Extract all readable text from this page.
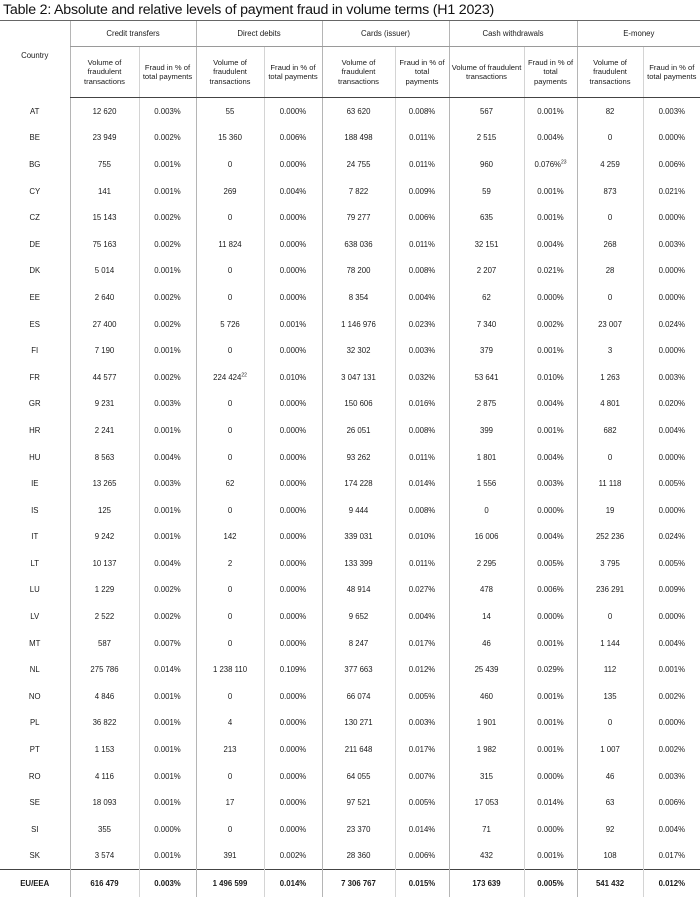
Table 2: Absolute and relative levels of payment fraud in volume terms (H1 2023)
Country	Credit transfers		Direct debits		Cards (issuer)		Cash withdrawals		E-money	

	Volume of fraudulent transactions	Fraud in % of total payments	Volume of fraudulent transactions	Fraud in % of total payments	Volume of fraudulent transactions	Fraud in % of total payments	Volume of fraudulent transactions	Fraud in % of total payments	Volume of fraudulent transactions	Fraud in % of total payments

AT	12 620	0.003%	55	0.000%	63 620	0.008%	567	0.001%	82	0.003%
BE	23 949	0.002%	15 360	0.006%	188 498	0.011%	2 515	0.004%	0	0.000%
BG	755	0.001%	0	0.000%	24 755	0.011%	960	0.076%$^{23}$	4 259	0.006%
CY	141	0.001%	269	0.004%	7 822	0.009%	59	0.001%	873	0.021%
CZ	15 143	0.002%	0	0.000%	79 277	0.006%	635	0.001%	0	0.000%
DE	75 163	0.002%	11 824	0.000%	638 036	0.011%	32 151	0.004%	268	0.003%
DK	5 014	0.001%	0	0.000%	78 200	0.008%	2 207	0.021%	28	0.000%
EE	2 640	0.002%	0	0.000%	8 354	0.004%	62	0.000%	0	0.000%
ES	27 400	0.002%	5 726	0.001%	1 146 976	0.023%	7 340	0.002%	23 007	0.024%
FI	7 190	0.001%	0	0.000%	32 302	0.003%	379	0.001%	3	0.000%
FR	44 577	0.002%	224 $424^{22}$	0.010%	3 047 131	0.032%	53 641	0.010%	1 263	0.003%
GR	9 231	0.003%	0	0.000%	150 606	0.016%	2 875	0.004%	4 801	0.020%
HR	2 241	0.001%	0	0.000%	26 051	0.008%	399	0.001%	682	0.004%
HU	8 563	0.004%	0	0.000%	93 262	0.011%	1 801	0.004%	0	0.000%
IE	13 265	0.003%	62	0.000%	174 228	0.014%	1 556	0.003%	11 118	0.005%
IS	125	0.001%	0	0.000%	9 444	0.008%	0	0.000%	19	0.000%
IT	9 242	0.001%	142	0.000%	339 031	0.010%	16 006	0.004%	252 236	0.024%
LT	10 137	0.004%	2	0.000%	133 399	0.011%	2 295	0.005%	3 795	0.005%
LU	1 229	0.002%	0	0.000%	48 914	0.027%	478	0.006%	236 291	0.009%
LV	2 522	0.002%	0	0.000%	9 652	0.004%	14	0.000%	0	0.000%
MT	587	0.007%	0	0.000%	8 247	0.017%	46	0.001%	1 144	0.004%
NL	275 786	0.014%	1 238 110	0.109%	377 663	0.012%	25 439	0.029%	112	0.001%
NO	4 846	0.001%	0	0.000%	66 074	0.005%	460	0.001%	135	0.002%
PL	36 822	0.001%	4	0.000%	130 271	0.003%	1 901	0.001%	0	0.000%
PT	1 153	0.001%	213	0.000%	211 648	0.017%	1 982	0.001%	1 007	0.002%
RO	4 116	0.001%	0	0.000%	64 055	0.007%	315	0.000%	46	0.003%
SE	18 093	0.001%	17	0.000%	97 521	0.005%	17 053	0.014%	63	0.006%
SI	355	0.000%	0	0.000%	23 370	0.014%	71	0.000%	92	0.004%
SK	3 574	0.001%	391	0.002%	28 360	0.006%	432	0.001%	108	0.017%
EU/EEA	616 479	0.003%	1 496 599	0.014%	7 306 767	0.015%	173 639	0.005%	541 432	0.012%
